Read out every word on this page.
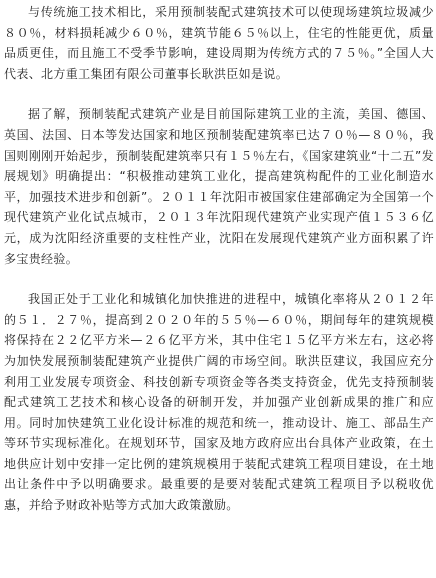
与传统施工技术相比，采用预制装配式建筑技术可以使现场建筑垃圾减少８０％，材料损耗减少６０％，建筑节能６５％以上，住宅的性能更优，质量品质更佳，而且施工不受季节影响，建设周期为传统方式的７５％。”全国人大代表、北方重工集团有限公司董事长耿洪臣如是说。

据了解，预制装配式建筑产业是目前国际建筑工业的主流，美国、德国、英国、法国、日本等发达国家和地区预制装配建筑率已达７０％—８０％，我国则刚刚开始起步，预制装配建筑率只有１５％左右，《国家建筑业“十二五”发展规划》明确提出：“积极推动建筑工业化，提高建筑构配件的工业化制造水平，加强技术进步和创新”。２０１１年沈阳市被国家住建部确定为全国第一个现代建筑产业化试点城市，２０１３年沈阳现代建筑产业实现产值１５３６亿元，成为沈阳经济重要的支柱性产业，沈阳在发展现代建筑产业方面积累了许多宝贵经验。

我国正处于工业化和城镇化加快推进的进程中，城镇化率将从２０１２年的５１．２７％，提高到２０２０年的５５％—６０％，期间每年的建筑规模将保持在２２亿平方米—２６亿平方米，其中住宅１５亿平方米左右，这必将为加快发展预制装配建筑产业提供广阔的市场空间。耿洪臣建议，我国应充分利用工业发展专项资金、科技创新专项资金等各类支持资金，优先支持预制装配式建筑工艺技术和核心设备的研制开发，并加强产业创新成果的推广和应用。同时加快建筑工业化设计标准的规范和统一，推动设计、施工、部品生产等环节实现标准化。在规划环节，国家及地方政府应出台具体产业政策，在土地供应计划中安排一定比例的建筑规模用于装配式建筑工程项目建设，在土地出让条件中予以明确要求。最重要的是要对装配式建筑工程项目予以税收优惠，并给予财政补贴等方式加大政策激励。
